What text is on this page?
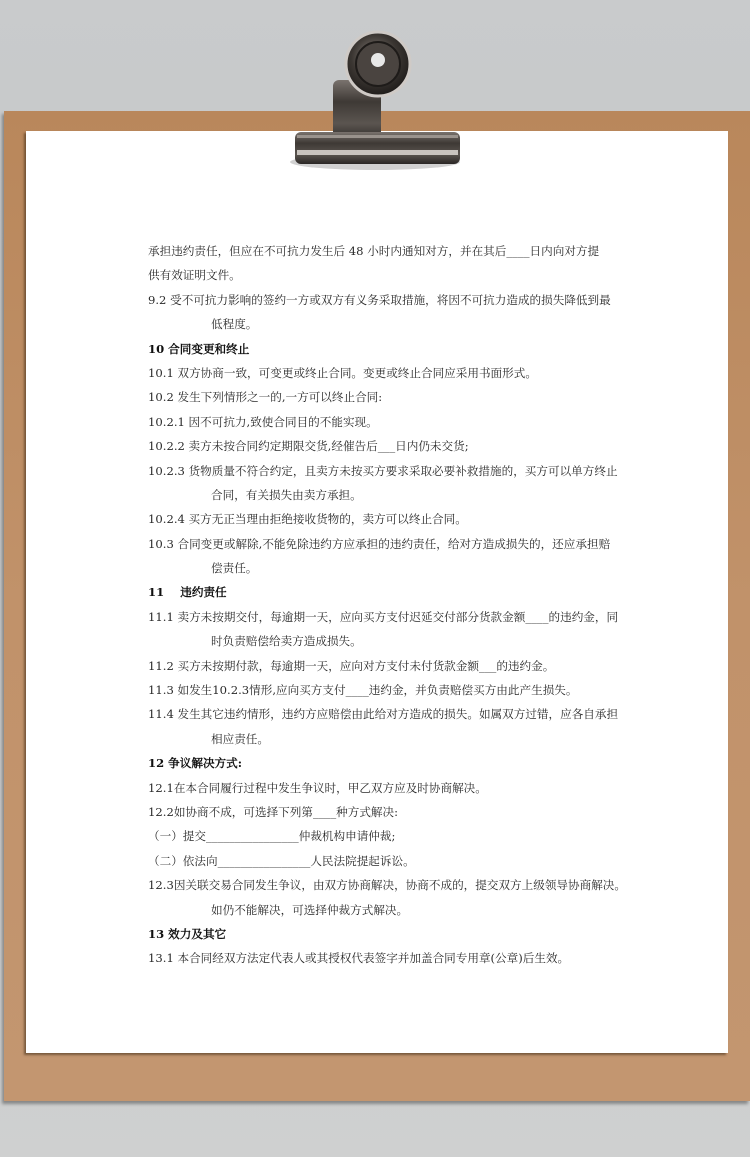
承担违约责任，但应在不可抗力发生后 48 小时内通知对方，并在其后____日内向对方提
供有效证明文件。
9.2 受不可抗力影响的签约一方或双方有义务采取措施，将因不可抗力造成的损失降低到最
低程度。
10 合同变更和终止
10.1 双方协商一致，可变更或终止合同。变更或终止合同应采用书面形式。
10.2 发生下列情形之一的,一方可以终止合同:
10.2.1 因不可抗力,致使合同目的不能实现。
10.2.2 卖方未按合同约定期限交货,经催告后___日内仍未交货;
10.2.3 货物质量不符合约定，且卖方未按买方要求采取必要补救措施的，买方可以单方终止
合同，有关损失由卖方承担。
10.2.4 买方无正当理由拒绝接收货物的，卖方可以终止合同。
10.3 合同变更或解除,不能免除违约方应承担的违约责任，给对方造成损失的，还应承担赔
偿责任。
11    违约责任
11.1 卖方未按期交付，每逾期一天，应向买方支付迟延交付部分货款金额____的违约金，同
时负责赔偿给卖方造成损失。
11.2 买方未按期付款，每逾期一天，应向对方支付未付货款金额___的违约金。
11.3 如发生10.2.3情形,应向买方支付____违约金，并负责赔偿买方由此产生损失。
11.4 发生其它违约情形，违约方应赔偿由此给对方造成的损失。如属双方过错，应各自承担
相应责任。
12 争议解决方式:
12.1在本合同履行过程中发生争议时，甲乙双方应及时协商解决。
12.2如协商不成，可选择下列第____种方式解决:
（一）提交________________仲裁机构申请仲裁;
（二）依法向________________人民法院提起诉讼。
12.3因关联交易合同发生争议，由双方协商解决，协商不成的，提交双方上级领导协商解决。
如仍不能解决，可选择仲裁方式解决。
13 效力及其它
13.1 本合同经双方法定代表人或其授权代表签字并加盖合同专用章(公章)后生效。
